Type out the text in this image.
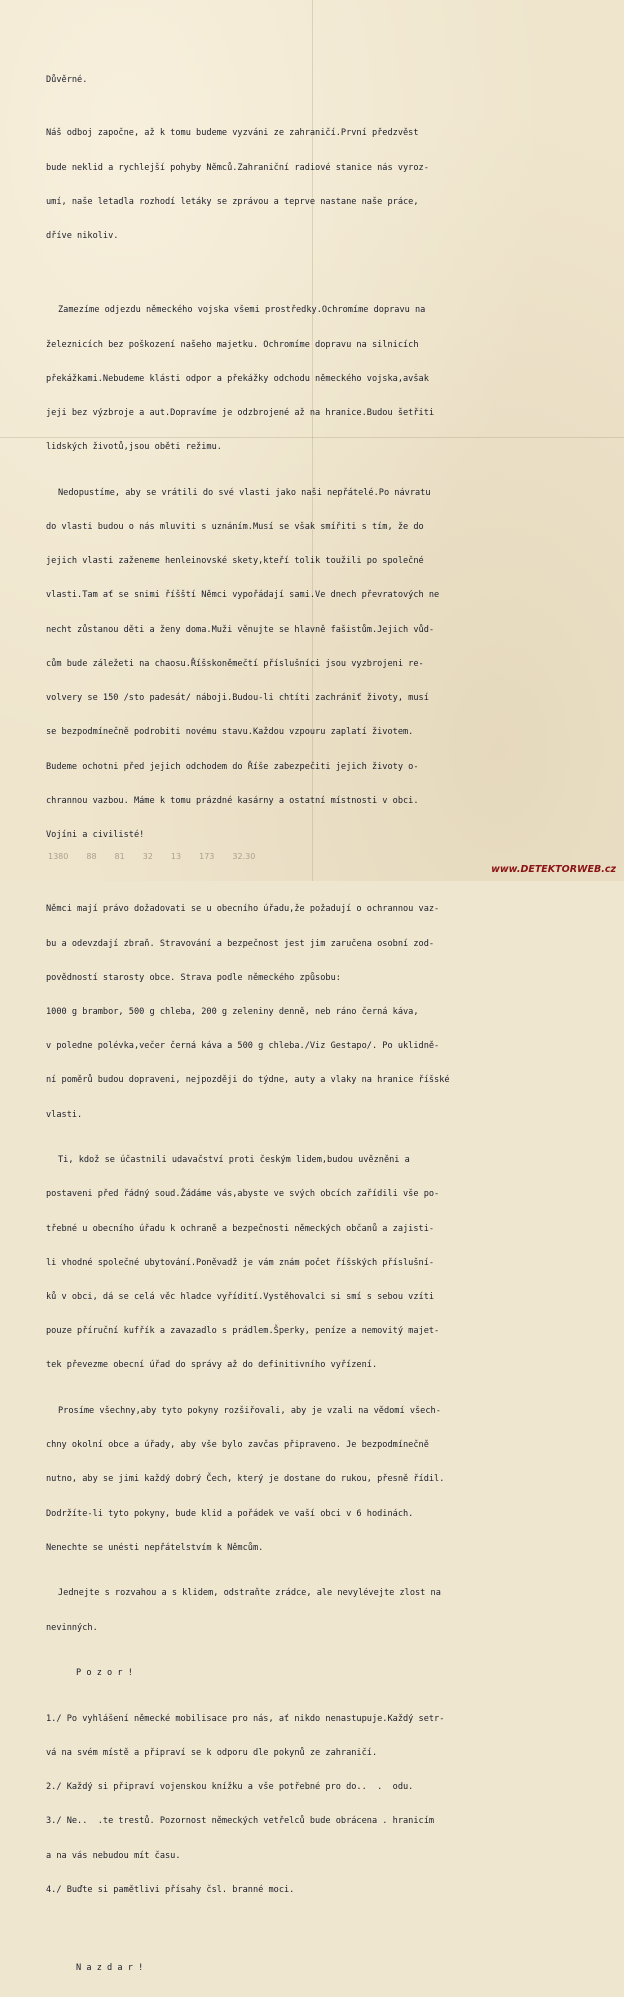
Důvěrné.

Náš odboj započne, až k tomu budeme vyzváni ze zahraničí.První předzvěst

bude neklid a rychlejší pohyby Němců.Zahraniční radiové stanice nás vyroz-

umí, naše letadla rozhodí letáky se zprávou a teprve nastane naše práce,

dříve nikoliv.

Zamezíme odjezdu německého vojska všemi prostředky.Ochromíme dopravu na

železnicích bez poškození našeho majetku. Ochromíme dopravu na silnicích

překážkami.Nebudeme klásti odpor a překážky odchodu německého vojska,avšak

jeji bez výzbroje a aut.Dopravíme je odzbrojené až na hranice.Budou šetřiti

lidských životů,jsou oběti režimu.

Nedopustíme, aby se vrátili do své vlasti jako naši nepřátelé.Po návratu

do vlasti budou o nás mluviti s uznáním.Musí se však smířiti s tím, že do

jejich vlasti zaženeme henleinovské skety,kteří tolik toužili po společné

vlasti.Tam ať se snimi říšští Němci vypořádají sami.Ve dnech převratových ne

necht zůstanou děti a ženy doma.Muži věnujte se hlavně fašistům.Jejich vůd-

cům bude záležeti na chaosu.Říšskoněmečtí příslušníci jsou vyzbrojeni re-

volvery se 150 /sto padesát/ náboji.Budou-li chtíti zachrániť životy, musí

se bezpodmínečně podrobiti novému stavu.Každou vzpouru zaplatí životem.

Budeme ochotni před jejich odchodem do Říše zabezpečiti jejich životy o-

chrannou vazbou. Máme k tomu prázdné kasárny a ostatní místnosti v obci.

Vojíni a civilisté!

Němci mají právo dožadovati se u obecního úřadu,že požadují o ochrannou vaz-

bu a odevzdají zbraň. Stravování a bezpečnost jest jim zaručena osobní zod-

povědností starosty obce. Strava podle německého způsobu:

1000 g brambor, 500 g chleba, 200 g zeleniny denně, neb ráno černá káva,

v poledne polévka,večer černá káva a 500 g chleba./Viz Gestapo/. Po uklidně-

ní poměrů budou dopraveni, nejpozději do týdne, auty a vlaky na hranice říšské

vlasti.

Ti, kdož se účastnili udavačství proti českým lidem,budou uvězněni a

postaveni před řádný soud.Žádáme vás,abyste ve svých obcích zařídili vše po-

třebné u obecního úřadu k ochraně a bezpečnosti německých občanů a zajisti-

li vhodné společné ubytování.Poněvadž je vám znám počet říšských příslušní-

ků v obci, dá se celá věc hladce vyřídití.Vystěhovalci si smí s sebou vzíti

pouze příruční kufřík a zavazadlo s prádlem.Šperky, peníze a nemovitý majet-

tek převezme obecní úřad do správy až do definitivního vyřízení.

Prosíme všechny,aby tyto pokyny rozšiřovali, aby je vzali na vědomí všech-

chny okolní obce a úřady, aby vše bylo zavčas připraveno. Je bezpodmínečně

nutno, aby se jimi každý dobrý Čech, který je dostane do rukou, přesně řídil.

Dodržíte-li tyto pokyny, bude klid a pořádek ve vaší obci v 6 hodinách.

Nenechte se unésti nepřátelstvím k Němcům.

Jednejte s rozvahou a s klidem, odstraňte zrádce, ale nevylévejte zlost na

nevinných.

P o z o r !

1./ Po vyhlášení německé mobilisace pro nás, ať nikdo nenastupuje.Každý setr-

vá na svém místě a připraví se k odporu dle pokynů ze zahraničí.

2./ Každý si připraví vojenskou knížku a vše potřebné pro do..  .  odu.

3./ Ne..  .te trestů. Pozornost německých vetřelců bude obrácena . hranicím

a na vás nebudou mít času.

4./ Buďte si pamětlivi přísahy čsl. branné moci.

N a z d a r !

1380 88 81 32 13 173 32.30
www.DETEKTORWEB.cz
